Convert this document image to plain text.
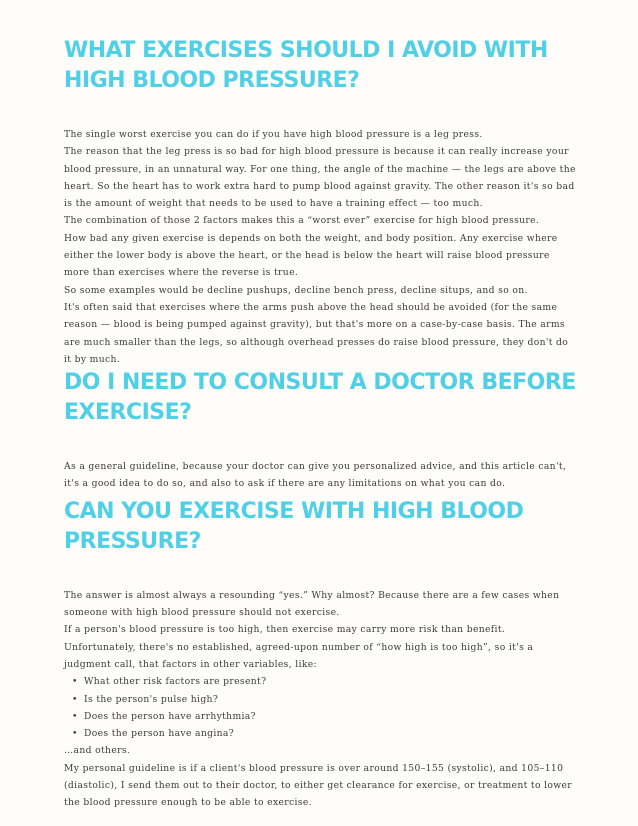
WHAT EXERCISES SHOULD I AVOID WITH HIGH BLOOD PRESSURE?

The single worst exercise you can do if you have high blood pressure is a leg press.

The reason that the leg press is so bad for high blood pressure is because it can really increase your blood pressure, in an unnatural way. For one thing, the angle of the machine — the legs are above the heart. So the heart has to work extra hard to pump blood against gravity. The other reason it's so bad is the amount of weight that needs to be used to have a training effect — too much.

The combination of those 2 factors makes this a “worst ever” exercise for high blood pressure.

How bad any given exercise is depends on both the weight, and body position. Any exercise where either the lower body is above the heart, or the head is below the heart will raise blood pressure more than exercises where the reverse is true.

So some examples would be decline pushups, decline bench press, decline situps, and so on.

It's often said that exercises where the arms push above the head should be avoided (for the same reason — blood is being pumped against gravity), but that's more on a case-by-case basis. The arms are much smaller than the legs, so although overhead presses do raise blood pressure, they don't do it by much.

DO I NEED TO CONSULT A DOCTOR BEFORE EXERCISE?

As a general guideline, because your doctor can give you personalized advice, and this article can't, it's a good idea to do so, and also to ask if there are any limitations on what you can do.

CAN YOU EXERCISE WITH HIGH BLOOD PRESSURE?

The answer is almost always a resounding “yes.” Why almost? Because there are a few cases when someone with high blood pressure should not exercise.

If a person's blood pressure is too high, then exercise may carry more risk than benefit.

Unfortunately, there's no established, agreed-upon number of “how high is too high”, so it's a judgment call, that factors in other variables, like:

• What other risk factors are present?
• Is the person's pulse high?
• Does the person have arrhythmia?
• Does the person have angina?

…and others.

My personal guideline is if a client's blood pressure is over around 150–155 (systolic), and 105–110 (diastolic), I send them out to their doctor, to either get clearance for exercise, or treatment to lower the blood pressure enough to be able to exercise.
